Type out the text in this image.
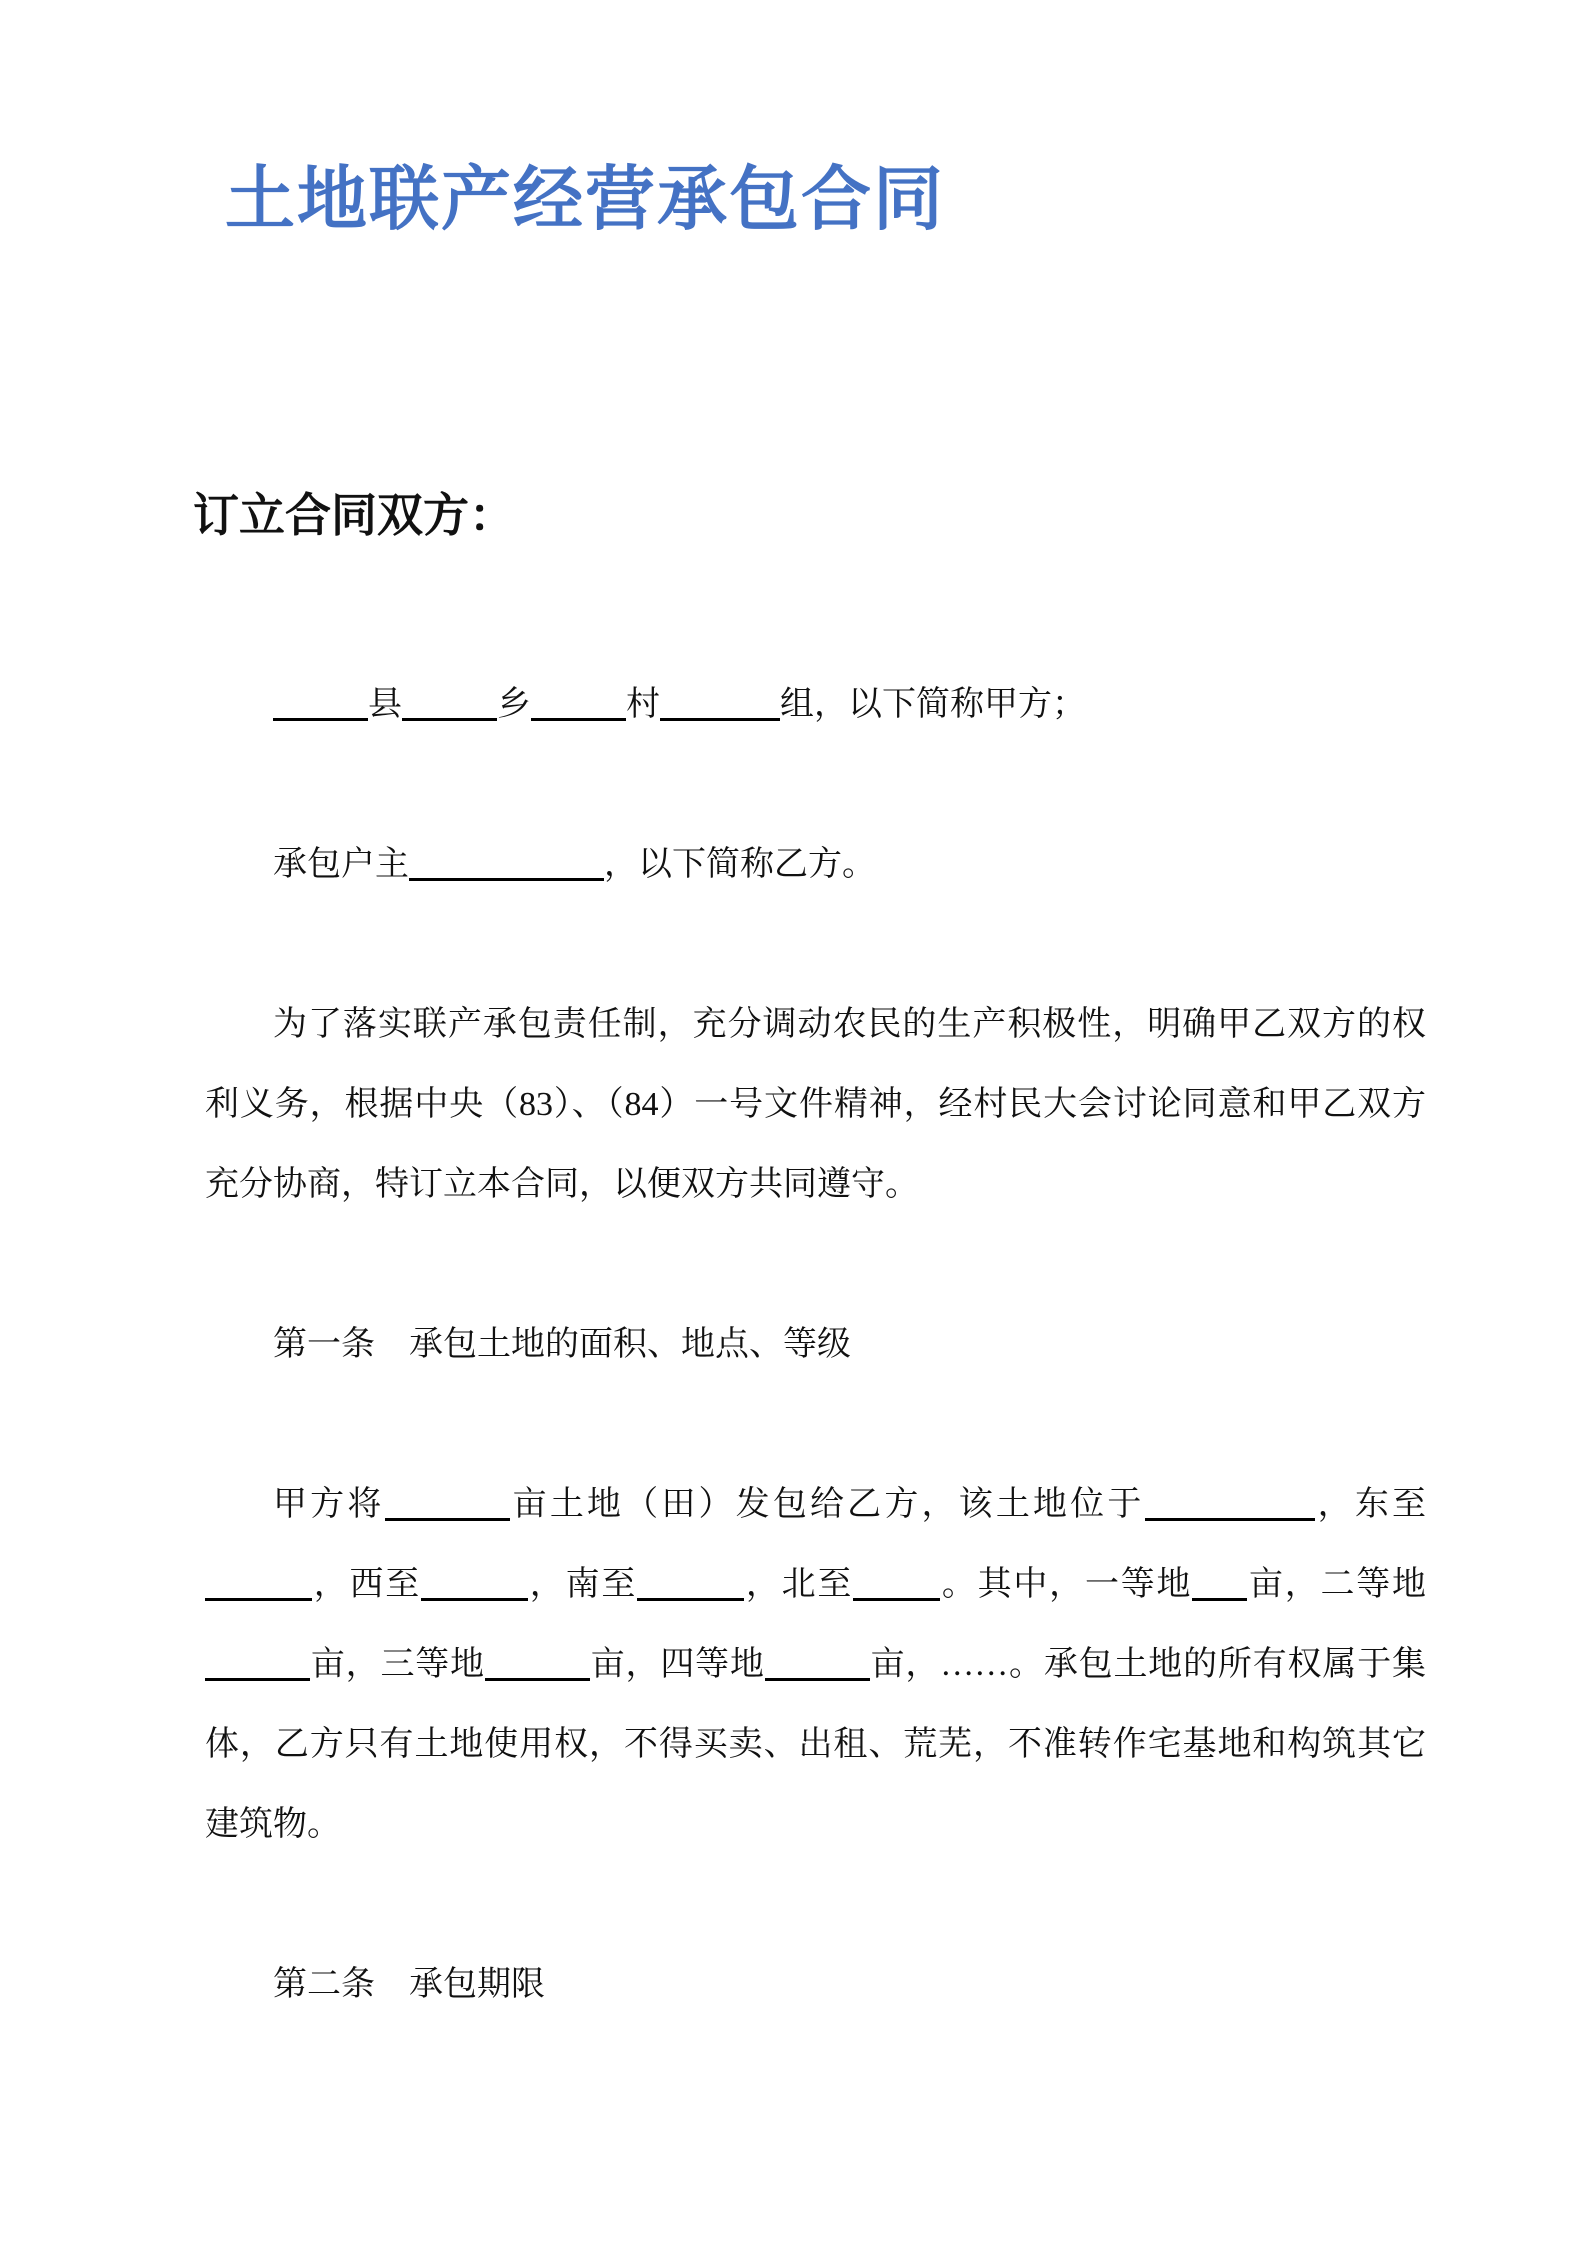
土地联产经营承包合同
订立合同双方：

县	乡	村	组，以下简称甲方；

承包户主	，以下简称乙方。

为了落实联产承包责任制，充分调动农民的生产积极性，明确甲乙双方的权利义务，根据中央（83）、（84）一号文件精神，经村民大会讨论同意和甲乙双方充分协商，特订立本合同，以便双方共同遵守。

第一条　承包土地的面积、地点、等级

甲方将	亩土地（田）发包给乙方，该土地位于	，东至，西至	，南至	，北至	。其中，一等地 亩，二等地亩，三等地	亩，四等地	亩，……。承包土地的所有权属于集体，乙方只有土地使用权，不得买卖、出租、荒芜，不准转作宅基地和构筑其它建筑物。

第二条　承包期限
